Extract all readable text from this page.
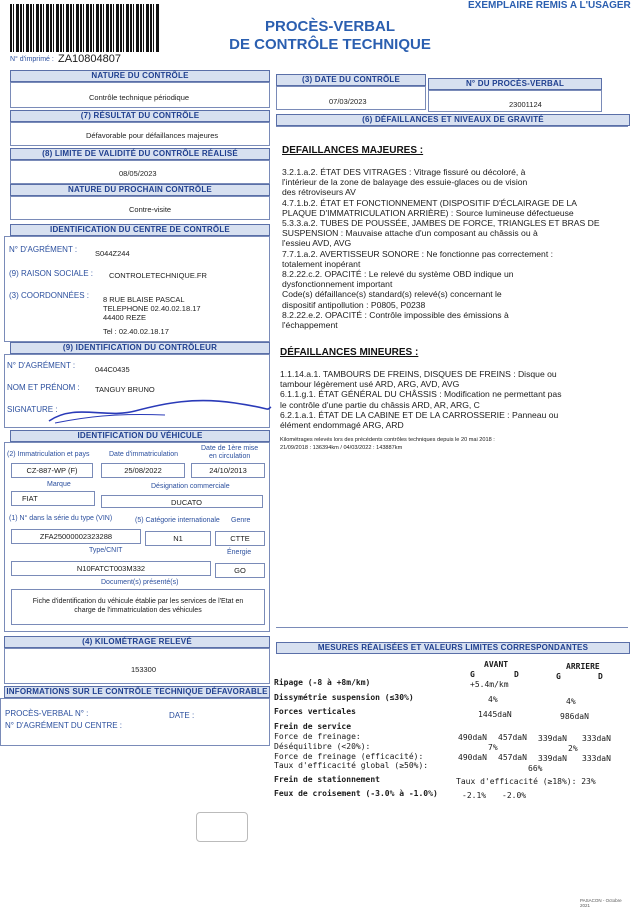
N° d'imprimé : ZA10804807
EXEMPLAIRE REMIS A L'USAGER
PROCÈS-VERBAL
DE CONTRÔLE TECHNIQUE
NATURE DU CONTRÔLE
Contrôle technique périodique
(3) DATE DU CONTRÔLE
07/03/2023
N° DU PROCÈS-VERBAL
23001124
(7) RÉSULTAT DU CONTRÔLE
Défavorable pour défaillances majeures
(8) LIMITE DE VALIDITÉ DU CONTRÔLE RÉALISÉ
08/05/2023
NATURE DU PROCHAIN CONTRÔLE
Contre-visite
IDENTIFICATION DU CENTRE DE CONTRÔLE
N° D'AGRÉMENT : S044Z244
(9) RAISON SOCIALE : CONTROLETECHNIQUE.FR
(3) COORDONNÉES : 8 RUE BLAISE PASCAL
TELEPHONE 02.40.02.18.17
44400 REZE
Tel : 02.40.02.18.17
(9) IDENTIFICATION DU CONTRÔLEUR
N° D'AGRÉMENT :	044C0435
NOM ET PRÉNOM : TANGUY BRUNO
SIGNATURE :
IDENTIFICATION DU VÉHICULE
(2) Immatriculation et pays	Date d'immatriculation
Date de 1ère mise
en circulation
CZ-887-WP (F)	25/08/2022	24/10/2013
Marque	Désignation commerciale
FIAT	DUCATO
(1) N° dans la série du type (VIN)	(5) Catégorie internationale Genre
ZFA25000002323288	N1	CTTE
Type/CNIT	Énergie
N10FATCT003M332	GO
Document(s) présenté(s)
Fiche d'identification du véhicule établie par les services de l'Etat en
charge de l'immatriculation des véhicules
(4) KILOMÉTRAGE RELEVÉ
153300
INFORMATIONS SUR LE CONTRÔLE TECHNIQUE DÉFAVORABLE
PROCÈS-VERBAL N° :	DATE :
N° D'AGRÉMENT DU CENTRE :
(6) DÉFAILLANCES ET NIVEAUX DE GRAVITÉ
DEFAILLANCES MAJEURES :
3.2.1.a.2. ÉTAT DES VITRAGES : Vitrage fissuré ou décoloré, à
l'intérieur de la zone de balayage des essuie-glaces ou de vision
des rétroviseurs AV
4.7.1.b.2. ÉTAT ET FONCTIONNEMENT (DISPOSITIF D'ÉCLAIRAGE DE LA
PLAQUE D'IMMATRICULATION ARRIÈRE) : Source lumineuse défectueuse
5.3.3.a.2. TUBES DE POUSSÉE, JAMBES DE FORCE, TRIANGLES ET BRAS DE
SUSPENSION : Mauvaise attache d'un composant au châssis ou à
l'essieu AVD, AVG
7.7.1.a.2. AVERTISSEUR SONORE : Ne fonctionne pas correctement :
totalement inopérant
8.2.22.c.2. OPACITÉ : Le relevé du système OBD indique un
dysfonctionnement important
Code(s) défaillance(s) standard(s) relevé(s) concernant le
dispositif antipollution : P0805, P0238
8.2.22.e.2. OPACITÉ : Contrôle impossible des émissions à
l'échappement
DÉFAILLANCES MINEURES :
1.1.14.a.1. TAMBOURS DE FREINS, DISQUES DE FREINS : Disque ou
tambour légèrement usé ARD, ARG, AVD, AVG
6.1.1.g.1. ÉTAT GÉNÉRAL DU CHÂSSIS : Modification ne permettant pas
le contrôle d'une partie du châssis ARD, AR, ARG, C
6.2.1.a.1. ÉTAT DE LA CABINE ET DE LA CARROSSERIE : Panneau ou
élément endommagé ARG, ARD
Kilométrages relevés lors des précédents contrôles techniques depuis le 20 mai 2018 :
21/09/2018 : 136394km / 04/03/2022 : 143887km
MESURES RÉALISÉES ET VALEURS LIMITES CORRESPONDANTES
AVANT	ARRIERE
G	D	G	D
Ripage (-8 à +8m/km)	+5.4m/km
Dissymétrie suspension (≤30%)	4%	4%
Forces verticales	1445daN	986daN
Frein de service
Force de freinage:	490daN 457daN 339daN 333daN
Déséquilibre (<20%):	7%	2%
Force de freinage (efficacité):	490daN 457daN 339daN 333daN
Taux d'efficacité global (≥50%):	66%
Frein de stationnement	Taux d'efficacité (≥18%): 23%
Feux de croisement (-3.0% à -1.0%)	-2.1% -2.0%
PASACON - Octobre 2021
